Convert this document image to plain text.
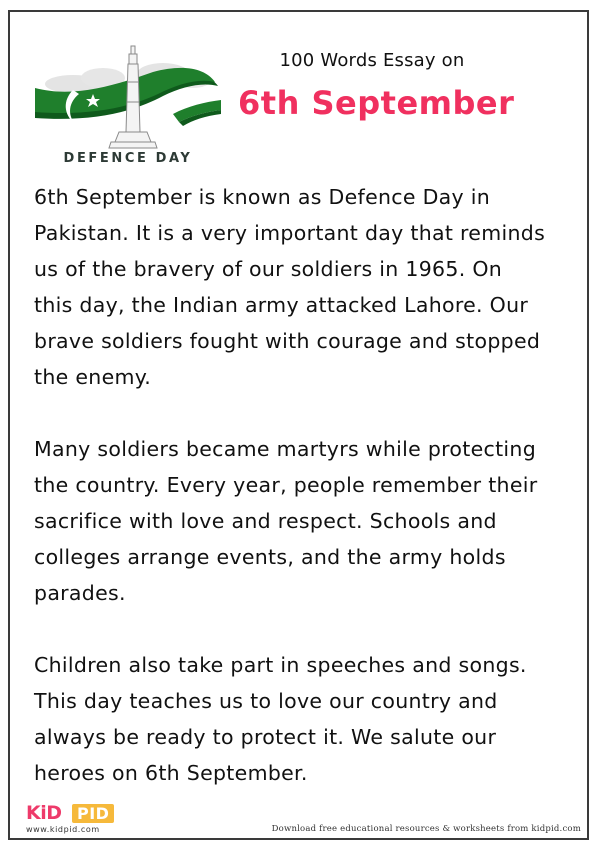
DEFENCE DAY
100 Words Essay on
6th September

6th September is known as Defence Day in
Pakistan. It is a very important day that reminds
us of the bravery of our soldiers in 1965. On
this day, the Indian army attacked Lahore. Our
brave soldiers fought with courage and stopped
the enemy.

Many soldiers became martyrs while protecting
the country. Every year, people remember their
sacrifice with love and respect. Schools and
colleges arrange events, and the army holds
parades.

Children also take part in speeches and songs.
This day teaches us to love our country and
always be ready to protect it. We salute our
heroes on 6th September.

KiD PID
www.kidpid.com	Download free educational resources & worksheets from kidpid.com
